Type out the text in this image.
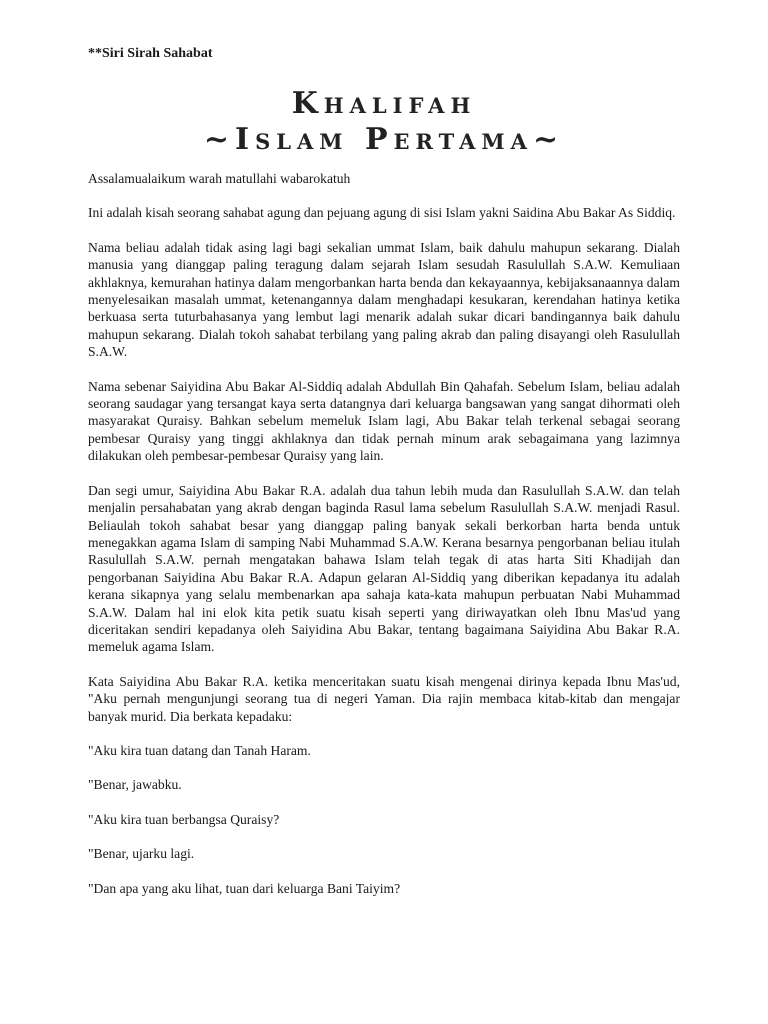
**Siri Sirah Sahabat

Khalifah
~Islam Pertama~

Assalamualaikum warah matullahi wabarokatuh

Ini adalah kisah seorang sahabat agung dan pejuang agung di sisi Islam yakni Saidina Abu Bakar As Siddiq.

Nama beliau adalah tidak asing lagi bagi sekalian ummat Islam, baik dahulu mahupun sekarang. Dialah manusia yang dianggap paling teragung dalam sejarah Islam sesudah Rasulullah S.A.W. Kemuliaan akhlaknya, kemurahan hatinya dalam mengorbankan harta benda dan kekayaannya, kebijaksanaannya dalam menyelesaikan masalah ummat, ketenangannya dalam menghadapi kesukaran, kerendahan hatinya ketika berkuasa serta tuturbahasanya yang lembut lagi menarik adalah sukar dicari bandingannya baik dahulu mahupun sekarang. Dialah tokoh sahabat terbilang yang paling akrab dan paling disayangi oleh Rasulullah S.A.W.

Nama sebenar Saiyidina Abu Bakar Al-Siddiq adalah Abdullah Bin Qahafah. Sebelum Islam, beliau adalah seorang saudagar yang tersangat kaya serta datangnya dari keluarga bangsawan yang sangat dihormati oleh masyarakat Quraisy. Bahkan sebelum memeluk Islam lagi, Abu Bakar telah terkenal sebagai seorang pembesar Quraisy yang tinggi akhlaknya dan tidak pernah minum arak sebagaimana yang lazimnya dilakukan oleh pembesar-pembesar Quraisy yang lain.

Dan segi umur, Saiyidina Abu Bakar R.A. adalah dua tahun lebih muda dan Rasulullah S.A.W. dan telah menjalin persahabatan yang akrab dengan baginda Rasul lama sebelum Rasulullah S.A.W. menjadi Rasul. Beliaulah tokoh sahabat besar yang dianggap paling banyak sekali berkorban harta benda untuk menegakkan agama Islam di samping Nabi Muhammad S.A.W. Kerana besarnya pengorbanan beliau itulah Rasulullah S.A.W. pernah mengatakan bahawa Islam telah tegak di atas harta Siti Khadijah dan pengorbanan Saiyidina Abu Bakar R.A. Adapun gelaran Al-Siddiq yang diberikan kepadanya itu adalah kerana sikapnya yang selalu membenarkan apa sahaja kata-kata mahupun perbuatan Nabi Muhammad S.A.W. Dalam hal ini elok kita petik suatu kisah seperti yang diriwayatkan oleh Ibnu Mas'ud yang diceritakan sendiri kepadanya oleh Saiyidina Abu Bakar, tentang bagaimana Saiyidina Abu Bakar R.A. memeluk agama Islam.

Kata Saiyidina Abu Bakar R.A. ketika menceritakan suatu kisah mengenai dirinya kepada Ibnu Mas'ud, "Aku pernah mengunjungi seorang tua di negeri Yaman. Dia rajin membaca kitab-kitab dan mengajar banyak murid. Dia berkata kepadaku:

"Aku kira tuan datang dan Tanah Haram.

"Benar, jawabku.

"Aku kira tuan berbangsa Quraisy?

"Benar, ujarku lagi.

"Dan apa yang aku lihat, tuan dari keluarga Bani Taiyim?
